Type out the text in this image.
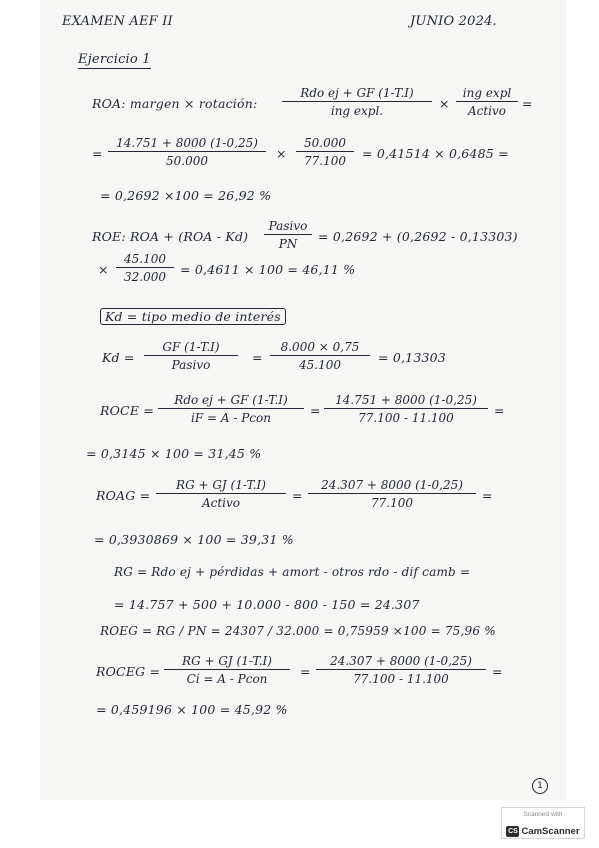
EXAMEN AEF II	JUNIO 2024.
Ejercicio 1
ROA: margen × rotación:
Rdo ej + GF (1-T.I)
ing expl.
×
ing expl
Activo
=
=
14.751 + 8000 (1-0,25)
50.000
×
50.000
77.100
= 0,41514 × 0,6485 =
= 0,2692 ×100 = 26,92 %
ROE: ROA + (ROA - Kd)
Pasivo
PN
= 0,2692 + (0,2692 - 0,13303)
×
45.100
32.000
= 0,4611 × 100 = 46,11 %
Kd = tipo medio de interés
Kd =
GF (1-T.I)
Pasivo
=
8.000 × 0,75
45.100
= 0,13303
ROCE =
Rdo ej + GF (1-T.I)
iF = A - Pcon
=
14.751 + 8000 (1-0,25)
77.100 - 11.100
=
= 0,3145 × 100 = 31,45 %
ROAG =
RG + GJ (1-T.I)
Activo
=
24.307 + 8000 (1-0,25)
77.100
=
= 0,3930869 × 100 = 39,31 %
RG = Rdo ej + pérdidas + amort - otros rdo - dif camb =
= 14.757 + 500 + 10.000 - 800 - 150 = 24.307
ROEG = RG / PN = 24307 / 32.000 = 0,75959 ×100 = 75,96 %
ROCEG =
RG + GJ (1-T.I)
Ci = A - Pcon
=
24.307 + 8000 (1-0,25)
77.100 - 11.100
=
= 0,459196 × 100 = 45,92 %
1
Scanned with
CS CamScanner
